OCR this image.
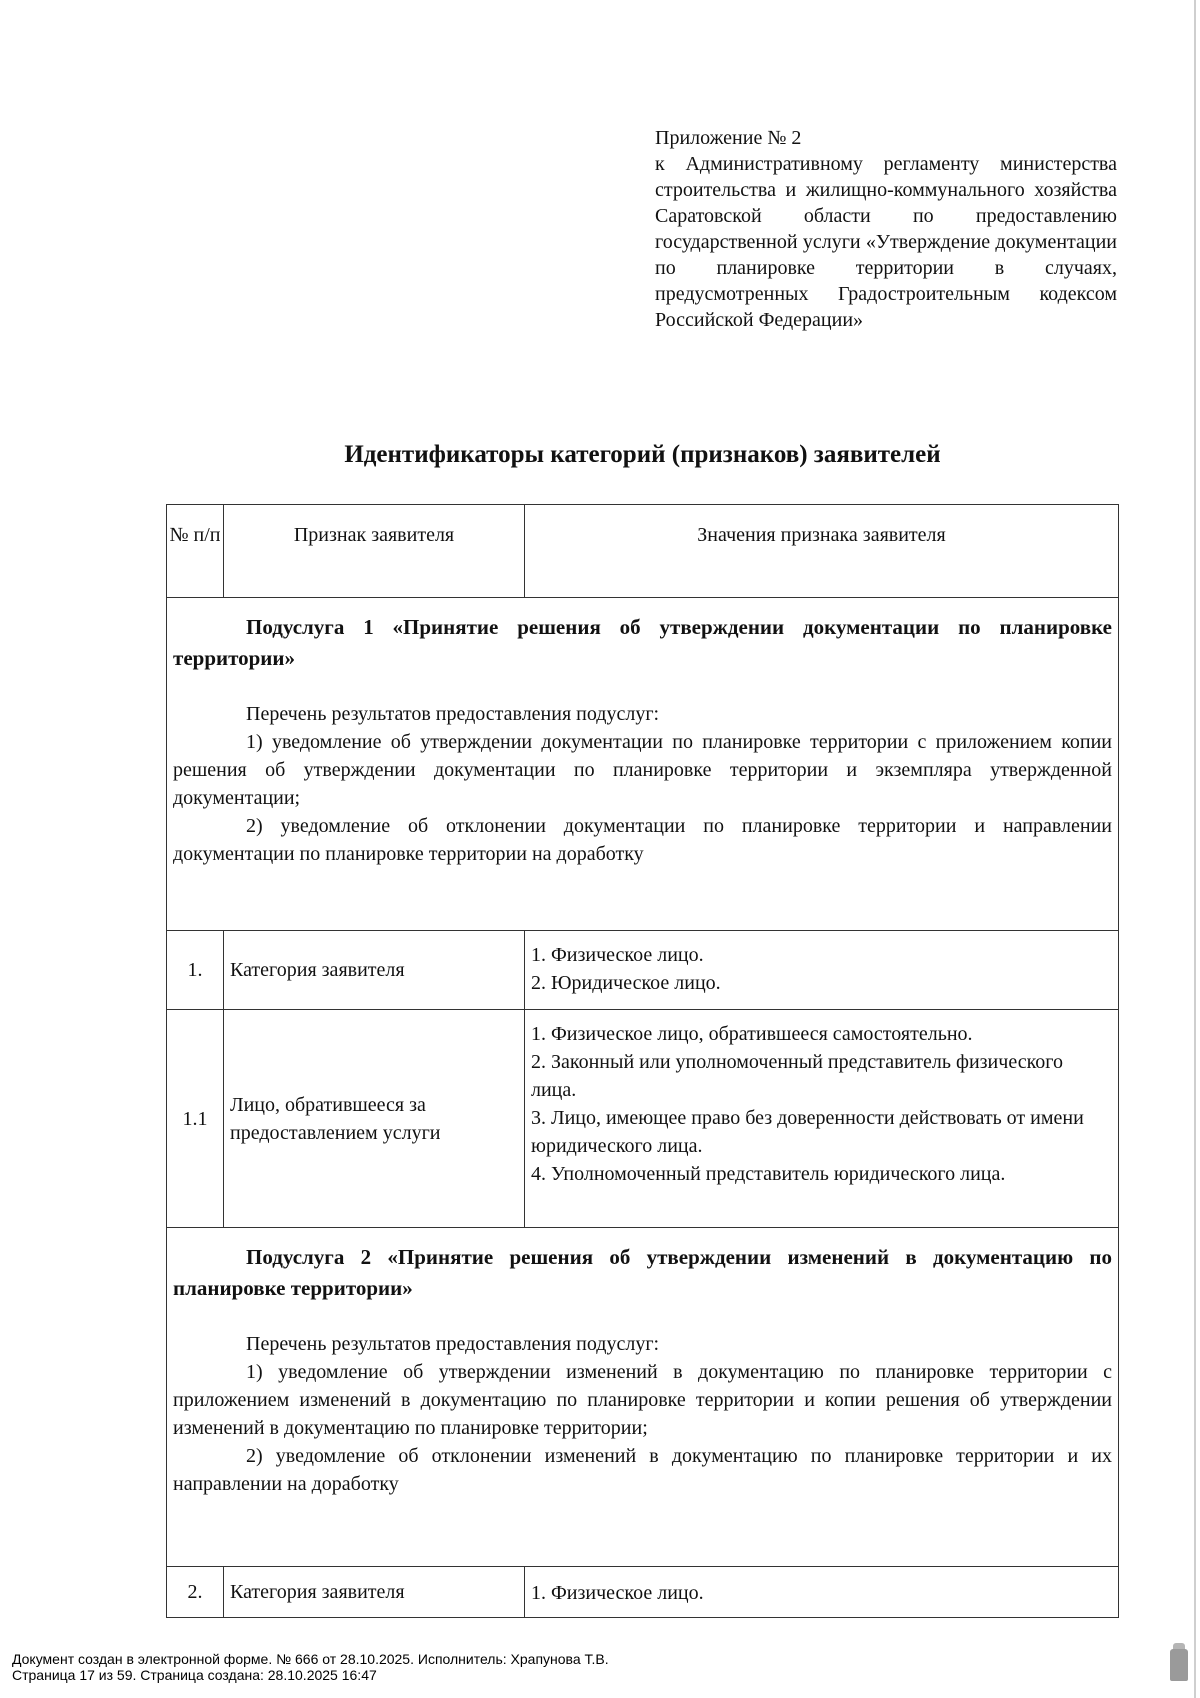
Приложение № 2
к Административному регламенту министерства строительства и жилищно-коммунального хозяйства Саратовской области по предоставлению государственной услуги «Утверждение документации по планировке территории в случаях, предусмотренных Градостроительным кодексом Российской Федерации»
Идентификаторы категорий (признаков) заявителей
№ п/п	Признак заявителя	Значения признака заявителя

Подуслуга 1 «Принятие решения об утверждении документации по планировке территории»

Перечень результатов предоставления подуслуг:

1) уведомление об утверждении документации по планировке территории с приложением копии решения об утверждении документации по планировке территории и экземпляра утвержденной документации;

2) уведомление об отклонении документации по планировке территории и направлении документации по планировке территории на доработку		

1.	Категория заявителя	1. Физическое лицо.
2. Юридическое лицо.

1.1	Лицо, обратившееся за предоставлением услуги	1. Физическое лицо, обратившееся самостоятельно.
2. Законный или уполномоченный представитель физического лица.
3. Лицо, имеющее право без доверенности действовать от имени юридического лица.
4. Уполномоченный представитель юридического лица.

Подуслуга 2 «Принятие решения об утверждении изменений в документацию по планировке территории»

Перечень результатов предоставления подуслуг:

1) уведомление об утверждении изменений в документацию по планировке территории с приложением изменений в документацию по планировке территории и копии решения об утверждении изменений в документацию по планировке территории;

2) уведомление об отклонении изменений в документацию по планировке территории и их направлении на доработку		

2.	Категория заявителя	1. Физическое лицо.
Документ создан в электронной форме. № 666 от 28.10.2025. Исполнитель: Храпунова Т.В.
Страница 17 из 59. Страница создана: 28.10.2025 16:47
